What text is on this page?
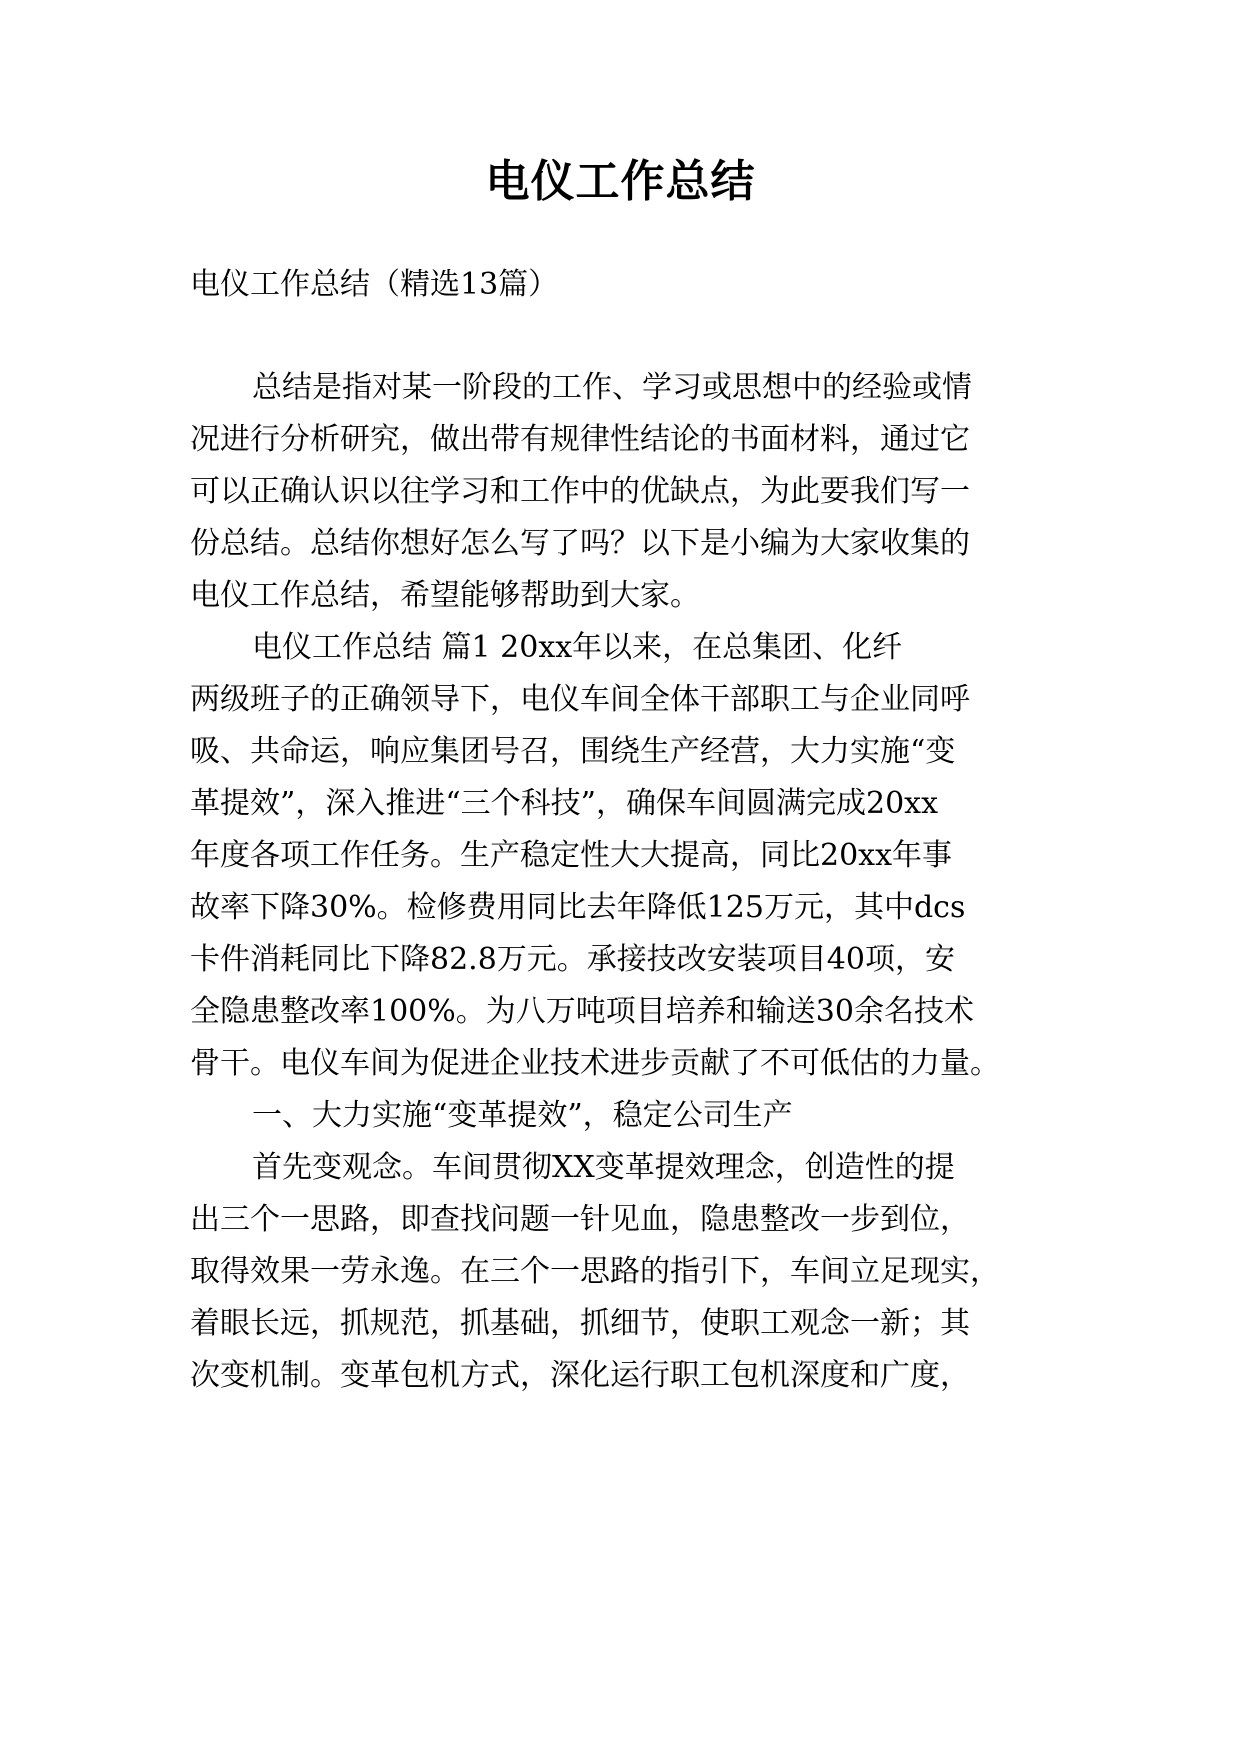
电仪工作总结
电仪工作总结（精选13篇）
总结是指对某一阶段的工作、学习或思想中的经验或情
况进行分析研究，做出带有规律性结论的书面材料，通过它
可以正确认识以往学习和工作中的优缺点，为此要我们写一
份总结。总结你想好怎么写了吗？以下是小编为大家收集的
电仪工作总结，希望能够帮助到大家。
电仪工作总结 篇1 20xx年以来，在总集团、化纤
两级班子的正确领导下，电仪车间全体干部职工与企业同呼
吸、共命运，响应集团号召，围绕生产经营，大力实施“变
革提效”，深入推进“三个科技”，确保车间圆满完成20xx
年度各项工作任务。生产稳定性大大提高，同比20xx年事
故率下降30%。检修费用同比去年降低125万元，其中dcs
卡件消耗同比下降82.8万元。承接技改安装项目40项，安
全隐患整改率100%。为八万吨项目培养和输送30余名技术
骨干。电仪车间为促进企业技术进步贡献了不可低估的力量。
一、大力实施“变革提效”，稳定公司生产
首先变观念。车间贯彻XX变革提效理念，创造性的提
出三个一思路，即查找问题一针见血，隐患整改一步到位，
取得效果一劳永逸。在三个一思路的指引下，车间立足现实，
着眼长远，抓规范，抓基础，抓细节，使职工观念一新；其
次变机制。变革包机方式，深化运行职工包机深度和广度，
